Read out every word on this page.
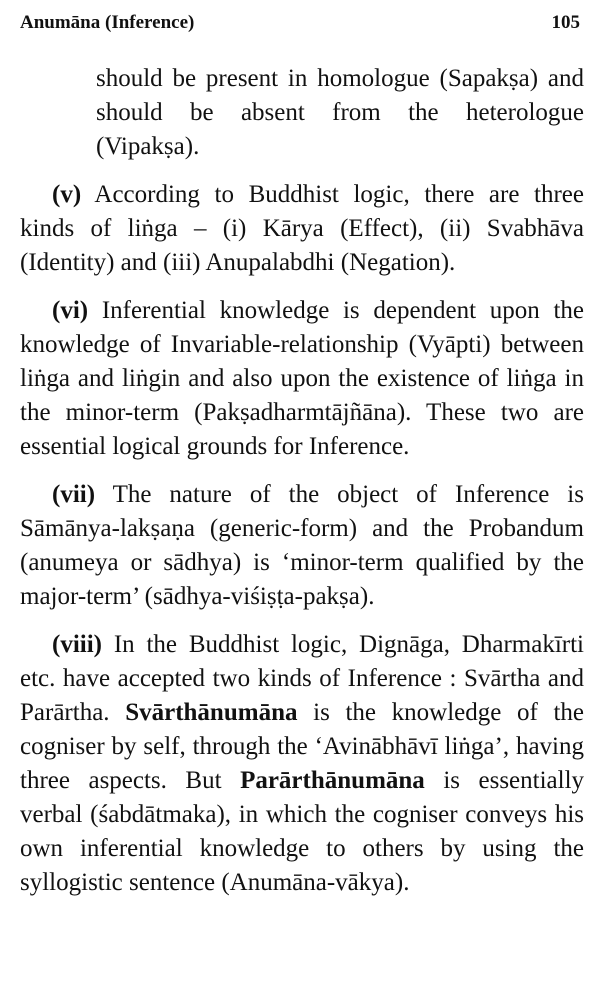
Anumāna (Inference)	105

should be present in homologue (Sapakṣa) and should be absent from the heterologue (Vipakṣa).

(v) According to Buddhist logic, there are three kinds of liṅga – (i) Kārya (Effect), (ii) Svabhāva (Identity) and (iii) Anupalabdhi (Negation).

(vi) Inferential knowledge is dependent upon the knowledge of Invariable-relationship (Vyāpti) between liṅga and liṅgin and also upon the existence of liṅga in the minor-term (Pakṣadharmtājñāna). These two are essential logical grounds for Inference.

(vii) The nature of the object of Inference is Sāmānya-lakṣaṇa (generic-form) and the Probandum (anumeya or sādhya) is ‘minor-term qualified by the major-term’ (sādhya-viśiṣṭa-pakṣa).

(viii) In the Buddhist logic, Dignāga, Dharmakīrti etc. have accepted two kinds of Inference : Svārtha and Parārtha. Svārthānumāna is the knowledge of the cogniser by self, through the ‘Avinābhāvī liṅga’, having three aspects. But Parārthānumāna is essentially verbal (śabdātmaka), in which the cogniser conveys his own inferential knowledge to others by using the syllogistic sentence (Anumāna-vākya).
